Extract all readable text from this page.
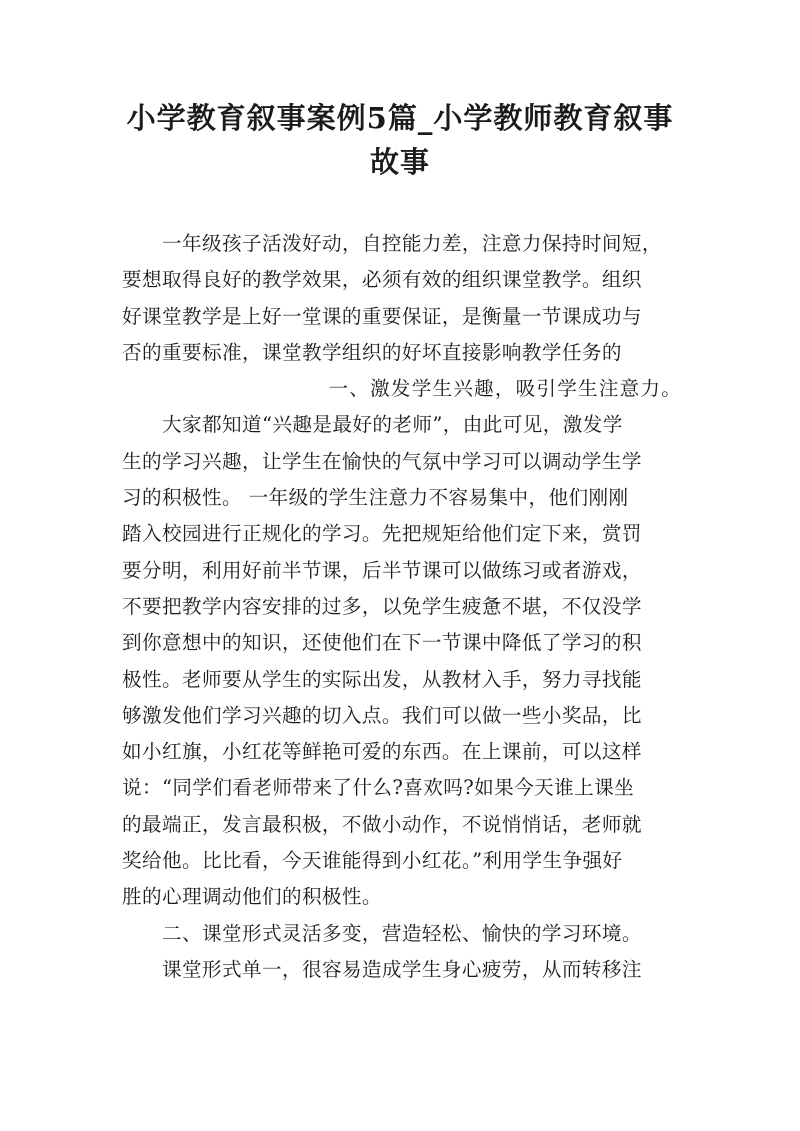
小学教育叙事案例5篇_小学教师教育叙事
故事
一年级孩子活泼好动，自控能力差，注意力保持时间短，
要想取得良好的教学效果，必须有效的组织课堂教学。组织
好课堂教学是上好一堂课的重要保证，是衡量一节课成功与
否的重要标准，课堂教学组织的好坏直接影响教学任务的
一、激发学生兴趣，吸引学生注意力。
大家都知道“兴趣是最好的老师”，由此可见，激发学
生的学习兴趣，让学生在愉快的气氛中学习可以调动学生学
习的积极性。 一年级的学生注意力不容易集中，他们刚刚
踏入校园进行正规化的学习。先把规矩给他们定下来，赏罚
要分明，利用好前半节课，后半节课可以做练习或者游戏，
不要把教学内容安排的过多，以免学生疲惫不堪，不仅没学
到你意想中的知识，还使他们在下一节课中降低了学习的积
极性。老师要从学生的实际出发，从教材入手，努力寻找能
够激发他们学习兴趣的切入点。我们可以做一些小奖品，比
如小红旗，小红花等鲜艳可爱的东西。在上课前，可以这样
说：“同学们看老师带来了什么?喜欢吗?如果今天谁上课坐
的最端正，发言最积极，不做小动作，不说悄悄话，老师就
奖给他。比比看，今天谁能得到小红花。”利用学生争强好
胜的心理调动他们的积极性。
二、课堂形式灵活多变，营造轻松、愉快的学习环境。
课堂形式单一，很容易造成学生身心疲劳，从而转移注
